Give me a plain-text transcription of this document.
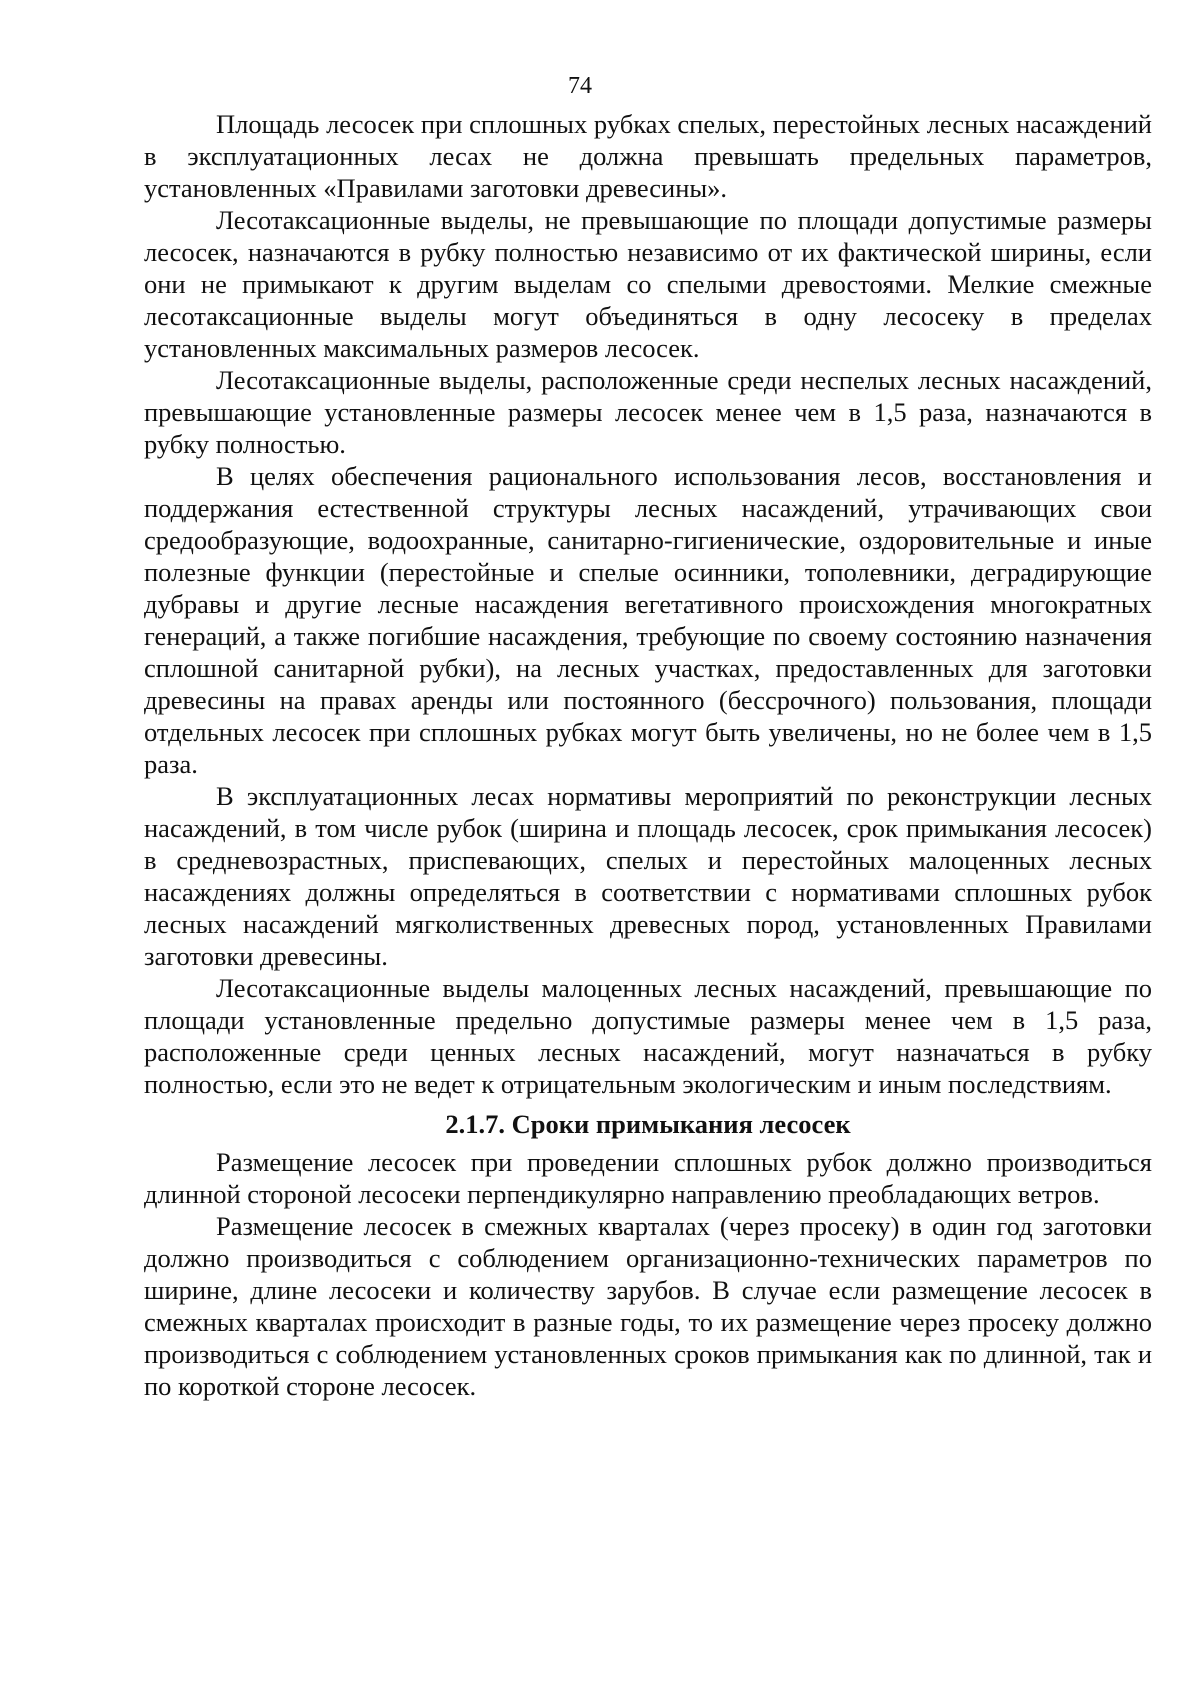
74

Площадь лесосек при сплошных рубках спелых, перестойных лесных насаждений в эксплуатационных лесах не должна превышать предельных параметров, установленных «Правилами заготовки древесины».

Лесотаксационные выделы, не превышающие по площади допустимые размеры лесосек, назначаются в рубку полностью независимо от их фактической ширины, если они не примыкают к другим выделам со спелыми древостоями. Мелкие смежные лесотаксационные выделы могут объединяться в одну лесосеку в пределах установленных максимальных размеров лесосек.

Лесотаксационные выделы, расположенные среди неспелых лесных насаждений, превышающие установленные размеры лесосек менее чем в 1,5 раза, назначаются в рубку полностью.

В целях обеспечения рационального использования лесов, восстановления и поддержания естественной структуры лесных насаждений, утрачивающих свои средообразующие, водоохранные, санитарно-гигиенические, оздоровительные и иные полезные функции (перестойные и спелые осинники, тополевники, деградирующие дубравы и другие лесные насаждения вегетативного происхождения многократных генераций, а также погибшие насаждения, требующие по своему состоянию назначения сплошной санитарной рубки), на лесных участках, предоставленных для заготовки древесины на правах аренды или постоянного (бессрочного) пользования, площади отдельных лесосек при сплошных рубках могут быть увеличены, но не более чем в 1,5 раза.

В эксплуатационных лесах нормативы мероприятий по реконструкции лесных насаждений, в том числе рубок (ширина и площадь лесосек, срок примыкания лесосек) в средневозрастных, приспевающих, спелых и перестойных малоценных лесных насаждениях должны определяться в соответствии с нормативами сплошных рубок лесных насаждений мягколиственных древесных пород, установленных Правилами заготовки древесины.

Лесотаксационные выделы малоценных лесных насаждений, превышающие по площади установленные предельно допустимые размеры менее чем в 1,5 раза, расположенные среди ценных лесных насаждений, могут назначаться в рубку полностью, если это не ведет к отрицательным экологическим и иным последствиям.

2.1.7. Сроки примыкания лесосек

Размещение лесосек при проведении сплошных рубок должно производиться длинной стороной лесосеки перпендикулярно направлению преобладающих ветров.

Размещение лесосек в смежных кварталах (через просеку) в один год заготовки должно производиться с соблюдением организационно-технических параметров по ширине, длине лесосеки и количеству зарубов. В случае если размещение лесосек в смежных кварталах происходит в разные годы, то их размещение через просеку должно производиться с соблюдением установленных сроков примыкания как по длинной, так и по короткой стороне лесосек.
